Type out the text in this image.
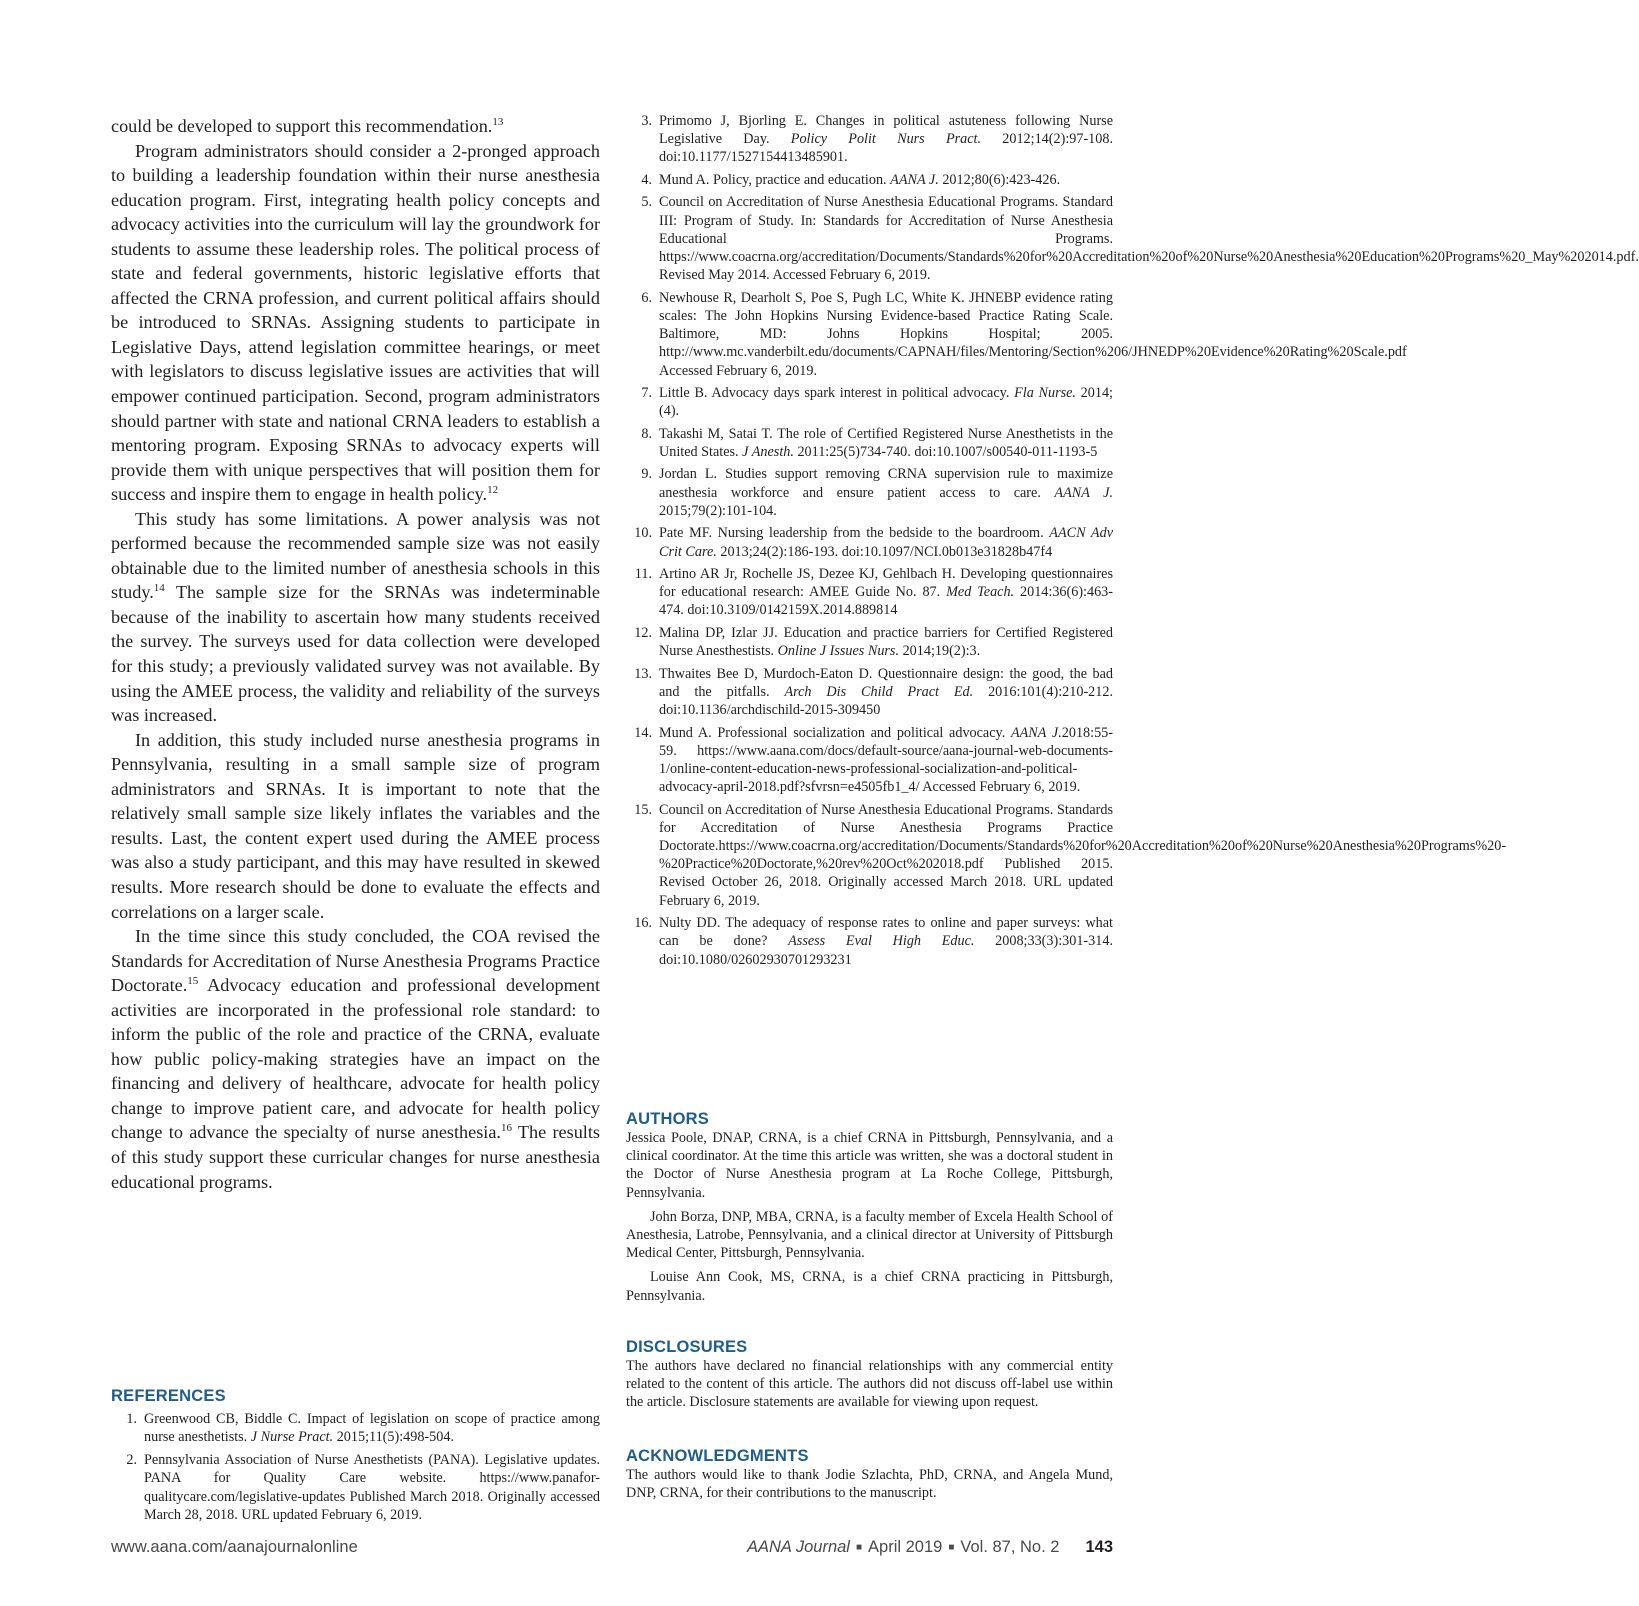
could be developed to support this recommendation.$^{13}$

Program administrators should consider a 2-pronged approach to building a leadership foundation within their nurse anesthesia education program. First, integrating health policy concepts and advocacy activities into the curriculum will lay the groundwork for students to assume these leadership roles. The political process of state and federal governments, historic legislative efforts that affected the CRNA profession, and current political affairs should be introduced to SRNAs. Assigning students to participate in Legislative Days, attend legislation committee hearings, or meet with legislators to discuss legislative issues are activities that will empower continued participation. Second, program administrators should partner with state and national CRNA leaders to establish a mentoring program. Exposing SRNAs to advocacy experts will provide them with unique perspectives that will position them for success and inspire them to engage in health policy.$^{12}$

This study has some limitations. A power analysis was not performed because the recommended sample size was not easily obtainable due to the limited number of anesthesia schools in this study.$^{14}$ The sample size for the SRNAs was indeterminable because of the inability to ascertain how many students received the survey. The surveys used for data collection were developed for this study; a previously validated survey was not available. By using the AMEE process, the validity and reliability of the surveys was increased.

In addition, this study included nurse anesthesia programs in Pennsylvania, resulting in a small sample size of program administrators and SRNAs. It is important to note that the relatively small sample size likely inflates the variables and the results. Last, the content expert used during the AMEE process was also a study participant, and this may have resulted in skewed results. More research should be done to evaluate the effects and correlations on a larger scale.

In the time since this study concluded, the COA revised the Standards for Accreditation of Nurse Anesthesia Programs Practice Doctorate.$^{15}$ Advocacy education and professional development activities are incorporated in the professional role standard: to inform the public of the role and practice of the CRNA, evaluate how public policy-making strategies have an impact on the financing and delivery of healthcare, advocate for health policy change to improve patient care, and advocate for health policy change to advance the specialty of nurse anesthesia.$^{16}$ The results of this study support these curricular changes for nurse anesthesia educational programs.

REFERENCES
1. Greenwood CB, Biddle C. Impact of legislation on scope of practice among nurse anesthetists. J Nurse Pract. 2015;11(5):498-504.
2. Pennsylvania Association of Nurse Anesthetists (PANA). Legislative updates. PANA for Quality Care website. https://www.panafor-qualitycare.com/legislative-updates Published March 2018. Originally accessed March 28, 2018. URL updated February 6, 2019.
3. Primomo J, Bjorling E. Changes in political astuteness following Nurse Legislative Day. Policy Polit Nurs Pract. 2012;14(2):97-108. doi:10.1177/1527154413485901.
4. Mund A. Policy, practice and education. AANA J. 2012;80(6):423-426.
5. Council on Accreditation of Nurse Anesthesia Educational Programs. Standard III: Program of Study. In: Standards for Accreditation of Nurse Anesthesia Educational Programs. https://www.coacrna.org/accreditation/Documents/Standards%20for%20Accreditation%20of%20Nurse%20Anesthesia%20Education%20Programs%20_May%202014.pdf. Revised May 2014. Accessed February 6, 2019.
6. Newhouse R, Dearholt S, Poe S, Pugh LC, White K. JHNEBP evidence rating scales: The John Hopkins Nursing Evidence-based Practice Rating Scale. Baltimore, MD: Johns Hopkins Hospital; 2005. http://www.mc.vanderbilt.edu/documents/CAPNAH/files/Mentoring/Section%206/JHNEDP%20Evidence%20Rating%20Scale.pdf Accessed February 6, 2019.
7. Little B. Advocacy days spark interest in political advocacy. Fla Nurse. 2014;(4).
8. Takashi M, Satai T. The role of Certified Registered Nurse Anesthetists in the United States. J Anesth. 2011:25(5)734-740. doi:10.1007/s00540-011-1193-5
9. Jordan L. Studies support removing CRNA supervision rule to maximize anesthesia workforce and ensure patient access to care. AANA J. 2015;79(2):101-104.
10. Pate MF. Nursing leadership from the bedside to the boardroom. AACN Adv Crit Care. 2013;24(2):186-193. doi:10.1097/NCI.0b013e31828b47f4
11. Artino AR Jr, Rochelle JS, Dezee KJ, Gehlbach H. Developing questionnaires for educational research: AMEE Guide No. 87. Med Teach. 2014:36(6):463-474. doi:10.3109/0142159X.2014.889814
12. Malina DP, Izlar JJ. Education and practice barriers for Certified Registered Nurse Anesthestists. Online J Issues Nurs. 2014;19(2):3.
13. Thwaites Bee D, Murdoch-Eaton D. Questionnaire design: the good, the bad and the pitfalls. Arch Dis Child Pract Ed. 2016:101(4):210-212. doi:10.1136/archdischild-2015-309450
14. Mund A. Professional socialization and political advocacy. AANA J.2018:55-59. https://www.aana.com/docs/default-source/aana-journal-web-documents-1/online-content-education-news-professional-socialization-and-political-advocacy-april-2018.pdf?sfvrsn=e4505fb1_4/ Accessed February 6, 2019.
15. Council on Accreditation of Nurse Anesthesia Educational Programs. Standards for Accreditation of Nurse Anesthesia Programs Practice Doctorate.https://www.coacrna.org/accreditation/Documents/Standards%20for%20Accreditation%20of%20Nurse%20Anesthesia%20Programs%20-%20Practice%20Doctorate,%20rev%20Oct%202018.pdf Published 2015. Revised October 26, 2018. Originally accessed March 2018. URL updated February 6, 2019.
16. Nulty DD. The adequacy of response rates to online and paper surveys: what can be done? Assess Eval High Educ. 2008;33(3):301-314. doi:10.1080/02602930701293231
AUTHORS

Jessica Poole, DNAP, CRNA, is a chief CRNA in Pittsburgh, Pennsylvania, and a clinical coordinator. At the time this article was written, she was a doctoral student in the Doctor of Nurse Anesthesia program at La Roche College, Pittsburgh, Pennsylvania.

John Borza, DNP, MBA, CRNA, is a faculty member of Excela Health School of Anesthesia, Latrobe, Pennsylvania, and a clinical director at University of Pittsburgh Medical Center, Pittsburgh, Pennsylvania.

Louise Ann Cook, MS, CRNA, is a chief CRNA practicing in Pittsburgh, Pennsylvania.

DISCLOSURES

The authors have declared no financial relationships with any commercial entity related to the content of this article. The authors did not discuss off-label use within the article. Disclosure statements are available for viewing upon request.

ACKNOWLEDGMENTS

The authors would like to thank Jodie Szlachta, PhD, CRNA, and Angela Mund, DNP, CRNA, for their contributions to the manuscript.

www.aana.com/aanajournalonline	AANA Journal ■ April 2019 ■ Vol. 87, No. 2 143
